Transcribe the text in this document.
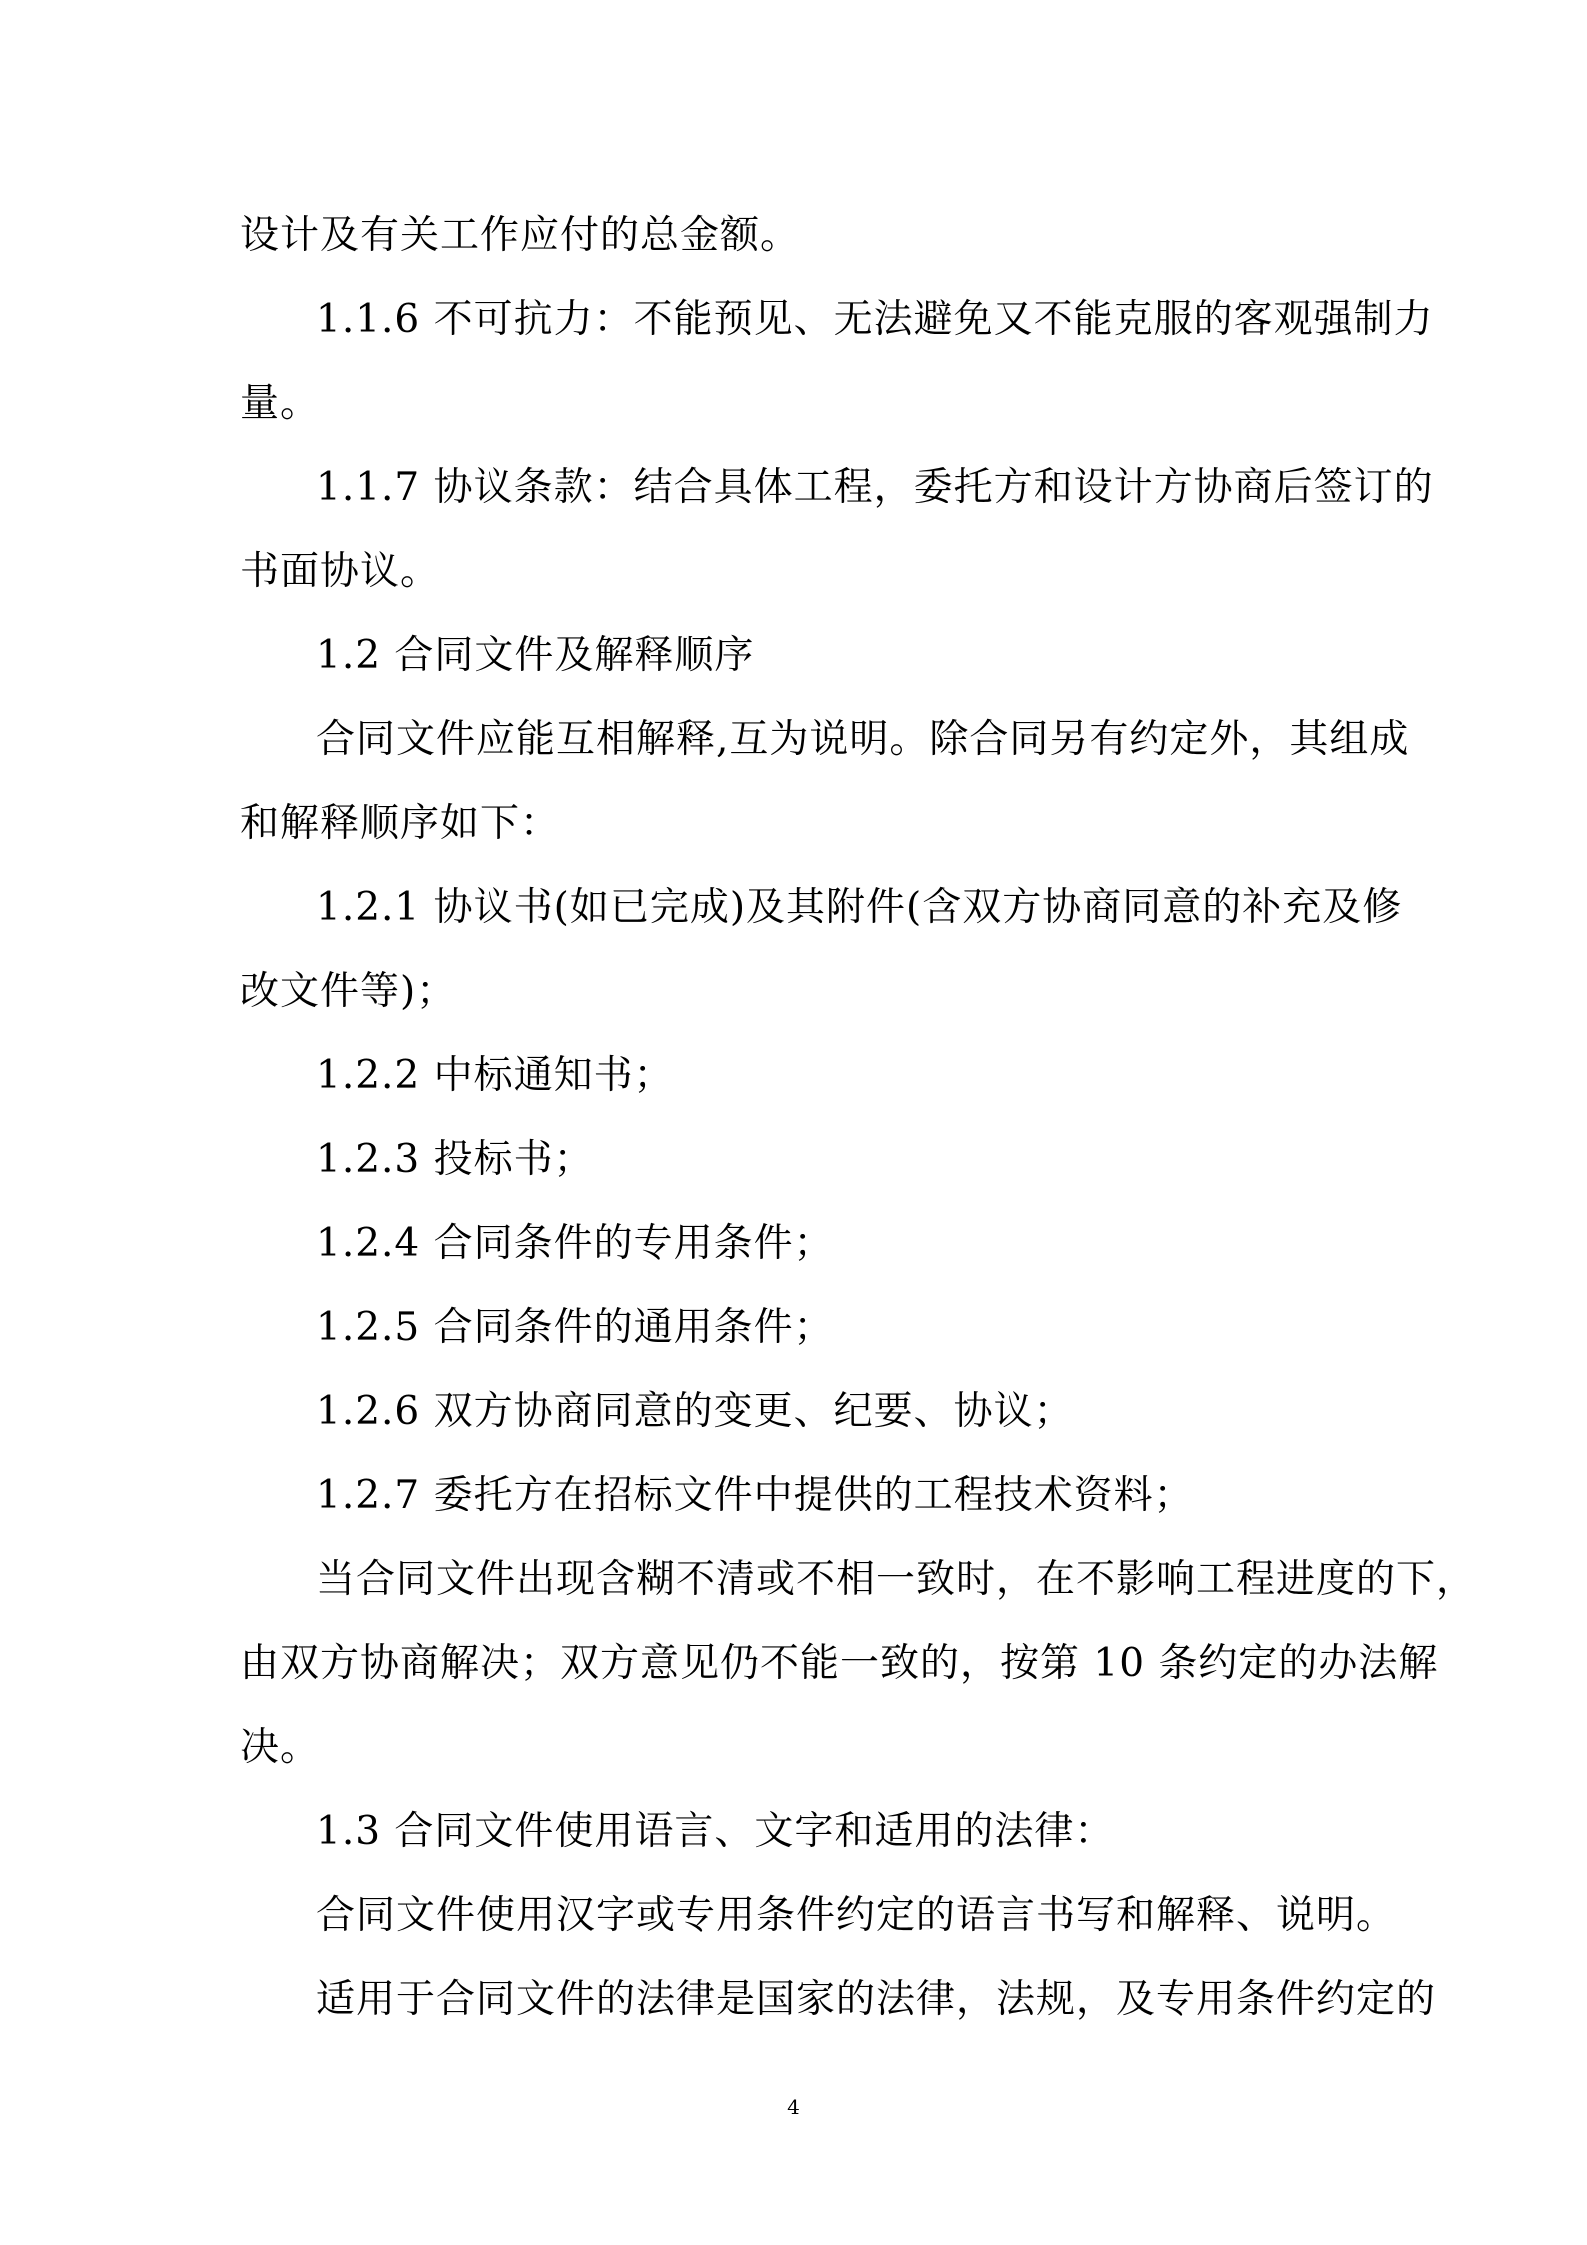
设计及有关工作应付的总金额。
1.1.6 不可抗力：不能预见、无法避免又不能克服的客观强制力
量。
1.1.7 协议条款：结合具体工程，委托方和设计方协商后签订的
书面协议。
1.2 合同文件及解释顺序
合同文件应能互相解释,互为说明。除合同另有约定外，其组成
和解释顺序如下：
1.2.1 协议书(如已完成)及其附件(含双方协商同意的补充及修
改文件等)；
1.2.2 中标通知书；
1.2.3 投标书；
1.2.4 合同条件的专用条件；
1.2.5 合同条件的通用条件；
1.2.6 双方协商同意的变更、纪要、协议；
1.2.7 委托方在招标文件中提供的工程技术资料；
当合同文件出现含糊不清或不相一致时，在不影响工程进度的下，
由双方协商解决；双方意见仍不能一致的，按第 10 条约定的办法解
决。
1.3 合同文件使用语言、文字和适用的法律：
合同文件使用汉字或专用条件约定的语言书写和解释、说明。
适用于合同文件的法律是国家的法律，法规，及专用条件约定的
4
